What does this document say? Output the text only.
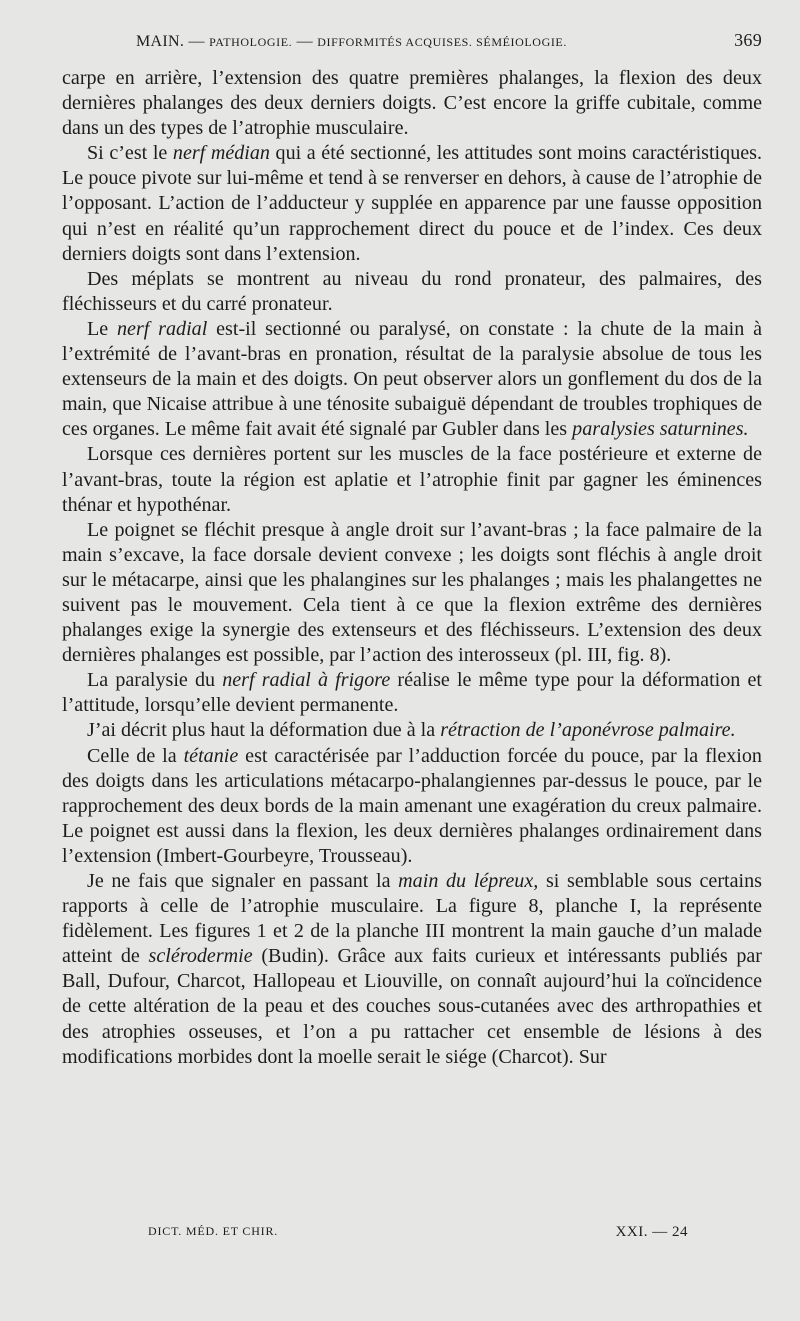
MAIN. — PATHOLOGIE. — DIFFORMITÉS ACQUISES. SÉMÉIOLOGIE.	369

carpe en arrière, l’extension des quatre premières phalanges, la flexion des deux dernières phalanges des deux derniers doigts. C’est encore la griffe cubitale, comme dans un des types de l’atrophie musculaire.

Si c’est le nerf médian qui a été sectionné, les attitudes sont moins caractéristiques. Le pouce pivote sur lui-même et tend à se renverser en dehors, à cause de l’atrophie de l’opposant. L’action de l’adducteur y supplée en apparence par une fausse opposition qui n’est en réalité qu’un rapprochement direct du pouce et de l’index. Ces deux derniers doigts sont dans l’extension.

Des méplats se montrent au niveau du rond pronateur, des palmaires, des fléchisseurs et du carré pronateur.

Le nerf radial est-il sectionné ou paralysé, on constate : la chute de la main à l’extrémité de l’avant-bras en pronation, résultat de la paralysie absolue de tous les extenseurs de la main et des doigts. On peut observer alors un gonflement du dos de la main, que Nicaise attribue à une ténosite subaiguë dépendant de troubles trophiques de ces organes. Le même fait avait été signalé par Gubler dans les paralysies saturnines.

Lorsque ces dernières portent sur les muscles de la face postérieure et externe de l’avant-bras, toute la région est aplatie et l’atrophie finit par gagner les éminences thénar et hypothénar.

Le poignet se fléchit presque à angle droit sur l’avant-bras ; la face palmaire de la main s’excave, la face dorsale devient convexe ; les doigts sont fléchis à angle droit sur le métacarpe, ainsi que les phalangines sur les phalanges ; mais les phalangettes ne suivent pas le mouvement. Cela tient à ce que la flexion extrême des dernières phalanges exige la synergie des extenseurs et des fléchisseurs. L’extension des deux dernières phalanges est possible, par l’action des interosseux (pl. III, fig. 8).

La paralysie du nerf radial à frigore réalise le même type pour la déformation et l’attitude, lorsqu’elle devient permanente.

J’ai décrit plus haut la déformation due à la rétraction de l’aponévrose palmaire.

Celle de la tétanie est caractérisée par l’adduction forcée du pouce, par la flexion des doigts dans les articulations métacarpo-phalangiennes par-dessus le pouce, par le rapprochement des deux bords de la main amenant une exagération du creux palmaire. Le poignet est aussi dans la flexion, les deux dernières phalanges ordinairement dans l’extension (Imbert-Gourbeyre, Trousseau).

Je ne fais que signaler en passant la main du lépreux, si semblable sous certains rapports à celle de l’atrophie musculaire. La figure 8, planche I, la représente fidèlement. Les figures 1 et 2 de la planche III montrent la main gauche d’un malade atteint de sclérodermie (Budin). Grâce aux faits curieux et intéressants publiés par Ball, Dufour, Charcot, Hallopeau et Liouville, on connaît aujourd’hui la coïncidence de cette altération de la peau et des couches sous-cutanées avec des arthropathies et des atrophies osseuses, et l’on a pu rattacher cet ensemble de lésions à des modifications morbides dont la moelle serait le siége (Charcot). Sur

DICT. MÉD. ET CHIR.	XXI. — 24
